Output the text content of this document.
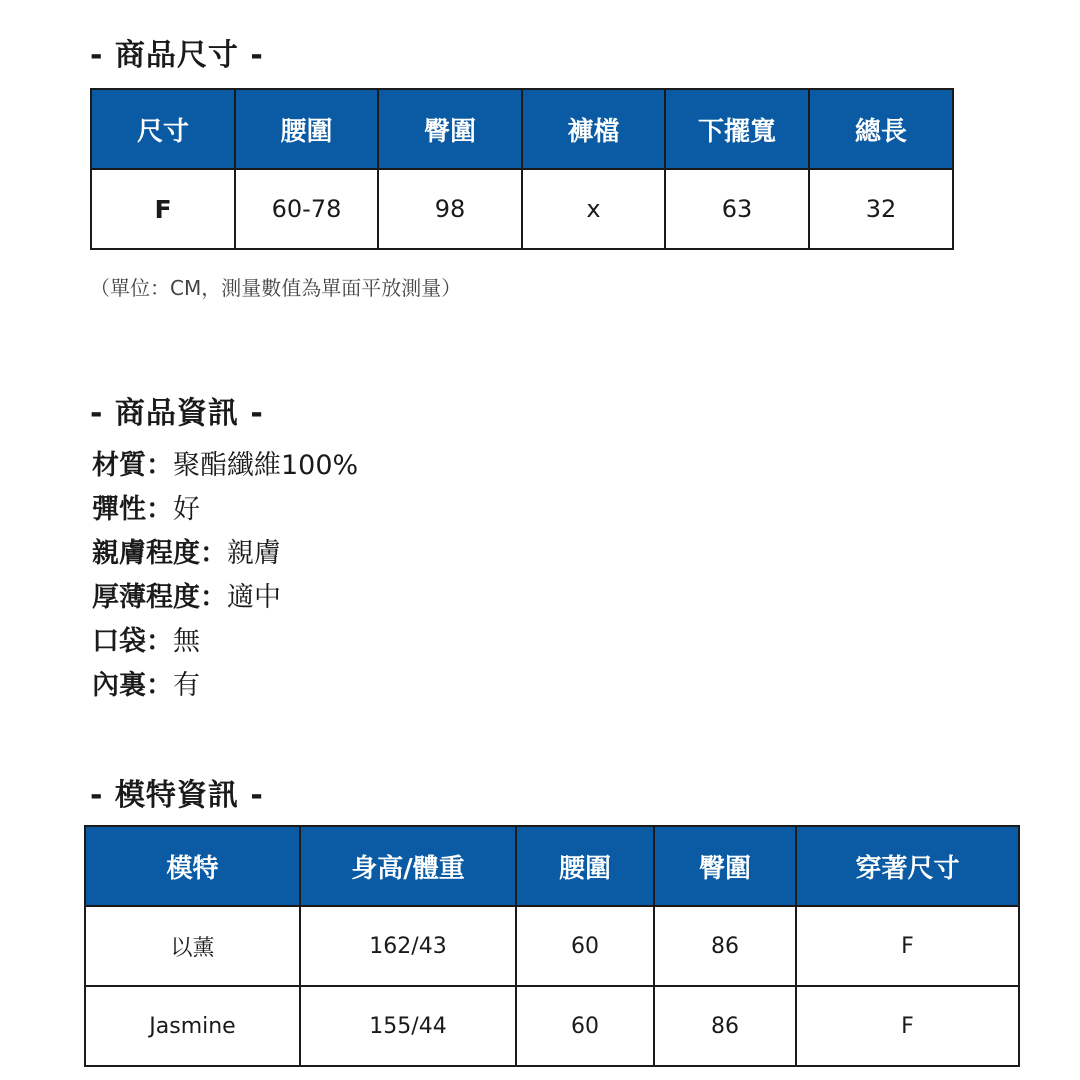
- 商品尺寸 -
尺寸	腰圍	臀圍	褲檔	下擺寬	總長
F	60-78	98	x	63	32

（單位：CM，測量數值為單面平放測量）

- 商品資訊 -
材質：聚酯纖維100%
彈性：好
親膚程度：親膚
厚薄程度：適中
口袋：無
內裏：有
- 模特資訊 -
模特	身高/體重	腰圍	臀圍	穿著尺寸
以薰	162/43	60	86	F
Jasmine	155/44	60	86	F
